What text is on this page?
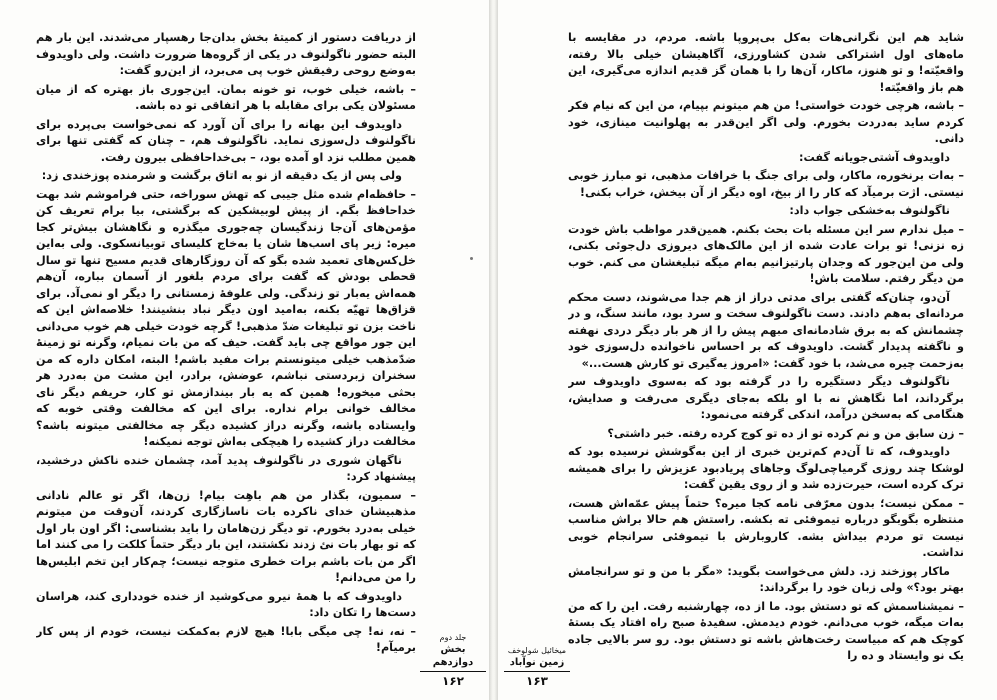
از دریافت دستور از کمیتهٔ بخش بدان‌جا رهسپار می‌شدند. این بار هم البته حضور ناگولنوف در یکی از گروه‌ها ضرورت داشت. ولی داویدوف به‌وضع روحی رفیقش خوب پی می‌برد، از این‌رو گفت:

– باشه، خیلی خوب، تو خونه بمان. این‌جوری باز بهتره که از میان مسئولان یکی برای مقابله با هر اتفاقی تو ده باشه.

داویدوف این بهانه را برای آن آورد که نمی‌خواست بی‌پرده برای ناگولنوف دل‌سوزی نماید. ناگولنوف هم، – چنان که گفتی تنها برای همین مطلب نزد او آمده بود، – بی‌خداحافظی بیرون رفت.

ولی پس از یک دقیقه از نو به اتاق برگشت و شرمنده پوزخندی زد:

– حافظه‌ام شده مثل جیبی که تهش سوراخه، حتی فراموشم شد بهت خداحافظ بگم. از پیش لوبیشکین که برگشتی، بیا برام تعریف کن مؤمن‌های آن‌جا زندگیسان چه‌جوری میگذره و نگاهشان بیش‌تر کجا میره: زیر پای اسب‌ها شان یا به‌خاج کلیسای توبیانسکوی. ولی به‌این خل‌کس‌های تعمید شده بگو که آن روزگارهای قدیم مسیح تنها تو سال قحطی بودش که گفت برای مردم بلغور از آسمان بباره، آن‌هم همه‌اش یه‌بار تو زندگی. ولی علوفهٔ زمستانی را دیگر او نمی‌آد. برای قزاق‌ها تهیّه بکنه، به‌امید اون دیگر نباد بنشینند! خلاصه‌اش این که ناخت بزن تو تبلیغات ضدّ مذهبی! گرچه خودت خیلی هم خوب می‌دانی این جور مواقع چی باید گفت. حیف که من بات نمیام، وگرنه تو زمینهٔ ضدّمذهب خیلی میتونستم برات مفید باشم! البته، امکان داره که من سخنران زبردستی نباشم، عوضش، برادر، این مشت من به‌درد هر بحثی میخوره! همین که یه بار بیندازمش تو کار، حریفم دیگر نای مخالف خوانی برام نداره. برای این که مخالفت وقتی خوبه که وایستاده باشه، وگرنه دراز کشیده دیگر چه مخالفتی میتونه باشه؟ مخالفت دراز کشیده را هیچکی به‌اش توجه نمیکنه!

ناگهان شوری در ناگولنوف پدید آمد، چشمان خنده ناکش درخشید، پیشنهاد کرد:

– سمیون، بگذار من هم باهِت بیام! زن‌ها، اگر تو عالم نادانی مذهبیشان خدای ناکرده با‌ت ناسازگاری کردند، آن‌وقت من میتونم خیلی به‌درد بخورم. تو دیگر زن‌هامان را باید بشناسی: اگر اون بار اول که تو بهار بات نئ زدند نکشتند، این بار دیگر حتماً کلکت را می کنند اما اگر من با‌ت باشم برات خطری متوجه نیست؛ چم‌کار این تخم ابلیس‌ها را من می‌دانم!

داویدوف که با همهٔ نیرو می‌کوشید از خنده خودداری کند، هراسان دست‌ها را تکان داد:

– نه، نه! چی میگی بابا! هیچ لازم به‌کمکت نیست، خودم از پس کار برمیآم!

جلد دوم
بخش دوازدهم
۱۶۲
میخائیل شولوخف
زمین نوآباد
۱۶۳

شاید هم این نگرانی‌هات به‌کل بی‌پروپا باشه. مردم، در مقایسه با ماه‌های اول اشتراکی شدن کشاورزی، آگاهیشان خیلی بالا رفته، واقعیّته! و تو هنوز، ماکار، آن‌ها را با همان گز قدیم اندازه می‌گیری، این هم باز واقعیّته!

– باشه، هرچی خودت خواستی! من هم میتونم بپیام، من این که نیام فکر کردم ساید به‌دردت بخورم. ولی اگر این‌قدر به پهلوانیت مینازی، خود دانی.

داویدوف آشتی‌جویانه گفت:

– به‌ات برنخوره، ماکار، ولی برای جنگ با خرافات مذهبی، تو مبارز خوبی نیستی. اژت برمیآد که کار را از بیخ، اوه دیگر از آن بیخش، خراب بکنی!

ناگولنوف به‌خشکی جواب داد:

– میل ندارم سر این مسئله بات بحث بکنم. همین‌قدر مواظب باش خودت زه نزنی! تو برات عادت شده از این مالک‌های دیروزی دل‌جوئی بکنی، ولی من این‌جور که وجدان پارتیزانیم به‌ام میگه تبلیغشان می کنم. خوب من دیگر رفتم. سلامت باش!

آن‌دو، چنان‌که گفتی برای مدتی دراز از هم جدا می‌شوند، دست محکم مردانه‌ای به‌هم دادند. دست ناگولنوف سخت و سرد بود، مانند سنگ، و در چشمانش که به برق شادمانه‌ای مبهم پیش را از هر بار دیگر دردی نهفته و ناگفته پدیدار گشت. داویدوف که بر احساس ناخوانده دل‌سوزی خود به‌زحمت چیره می‌شد، با خود گفت: «امروز یه‌گیری تو کارش هست...»

ناگولنوف دیگر دستگیره را در گرفته بود که به‌سوی داویدوف سر برگرداند، اما نگاهش نه با او بلکه به‌جای دیگری می‌رفت و صدایش، هنگامی که به‌سخن درآمد، اندکی گرفته می‌نمود:

– زن سابق من و نم کرده تو از ده تو کوج کرده رفته. خبر داشتی؟

داویدوف، که تا آن‌دم کم‌ترین خبری از این به‌گوشش نرسیده بود که لوشکا چند روزی گرمیاچی‌لوگ وجاهای پریادبود عزیزش را برای همیشه ترک کرده است، حیرت‌زده شد و از روی یقین گفت:

– ممکن نیست؛ بدون معرّفی نامه کجا میره؟ حتماً پیش عمّه‌اش هست، منتظره بگوبگو درباره تیموفئی ته بکشه. راستش هم حالا براش مناسب نیست تو مردم بیداش بشه. کاروبارش با تیموفئی سرانجام خوبی نداشت.

ماکار پوزخند زد. دلش می‌خواست بگوید: «مگر با من و تو سرانجامش بهتر بود؟» ولی زبان خود را برگرداند:

– نمیشناسمش که تو دستش بود. ما از ده، چهارشنبه رفت. این را که من به‌ات میگه، خوب می‌دانم. خودم دیدمش. سفیدهٔ صبح راه افتاد یک بستهٔ کوچک هم که مبیاست رخت‌هاش باشه تو دستش بود. رو سر بالایی جاده یک نو وایستاد و ده را
